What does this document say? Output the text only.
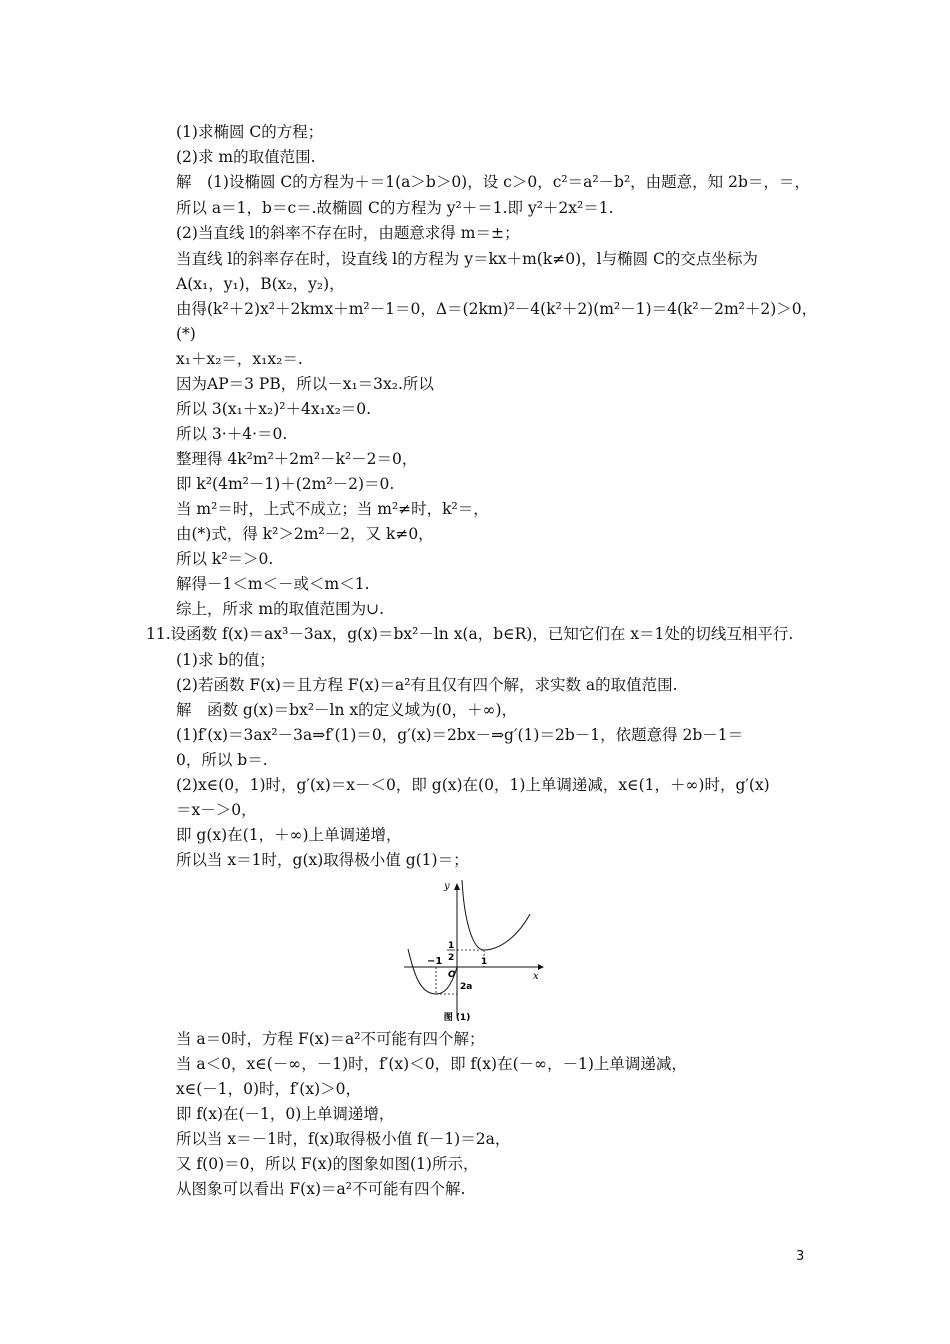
(1)求椭圆 C的方程；
(2)求 m的取值范围.
解　(1)设椭圆 C的方程为＋＝1(a＞b＞0)，设 c＞0，c²＝a²－b²，由题意，知 2b＝，＝，
所以 a＝1，b＝c＝.故椭圆 C的方程为 y²＋＝1.即 y²＋2x²＝1.
(2)当直线 l的斜率不存在时，由题意求得 m＝±；
当直线 l的斜率存在时，设直线 l的方程为 y＝kx＋m(k≠0)，l与椭圆 C的交点坐标为
A(x₁，y₁)，B(x₂，y₂)，
由得(k²＋2)x²＋2kmx＋m²－1＝0，Δ＝(2km)²－4(k²＋2)(m²－1)＝4(k²－2m²＋2)＞0，
(*)
x₁＋x₂＝，x₁x₂＝.
因为AP＝3 PB，所以－x₁＝3x₂.所以
所以 3(x₁＋x₂)²＋4x₁x₂＝0.
所以 3·＋4·＝0.
整理得 4k²m²＋2m²－k²－2＝0，
即 k²(4m²－1)＋(2m²－2)＝0.
当 m²＝时，上式不成立；当 m²≠时，k²＝，
由(*)式，得 k²＞2m²－2，又 k≠0，
所以 k²＝＞0.
解得－1＜m＜－或＜m＜1.
综上，所求 m的取值范围为∪.
11.设函数 f(x)＝ax³－3ax，g(x)＝bx²－ln x(a，b∈R)，已知它们在 x＝1处的切线互相平行.
(1)求 b的值；
(2)若函数 F(x)＝且方程 F(x)＝a²有且仅有四个解，求实数 a的取值范围.
解　函数 g(x)＝bx²－ln x的定义域为(0，＋∞)，
(1)f′(x)＝3ax²－3a⇒f′(1)＝0，g′(x)＝2bx－⇒g′(1)＝2b－1，依题意得 2b－1＝
0，所以 b＝.
(2)x∈(0，1)时，g′(x)＝x－＜0，即 g(x)在(0，1)上单调递减，x∈(1，＋∞)时，g′(x)
＝x－＞0，
即 g(x)在(1，＋∞)上单调递增，
所以当 x＝1时，g(x)取得极小值 g(1)＝；
y
x
−1
1
2
O
1
2a
图 (1)
当 a＝0时，方程 F(x)＝a²不可能有四个解；
当 a＜0，x∈(－∞，－1)时，f′(x)＜0，即 f(x)在(－∞，－1)上单调递减，
x∈(－1，0)时，f′(x)＞0，
即 f(x)在(－1，0)上单调递增，
所以当 x＝－1时，f(x)取得极小值 f(－1)＝2a，
又 f(0)＝0，所以 F(x)的图象如图(1)所示，
从图象可以看出 F(x)＝a²不可能有四个解.
3
